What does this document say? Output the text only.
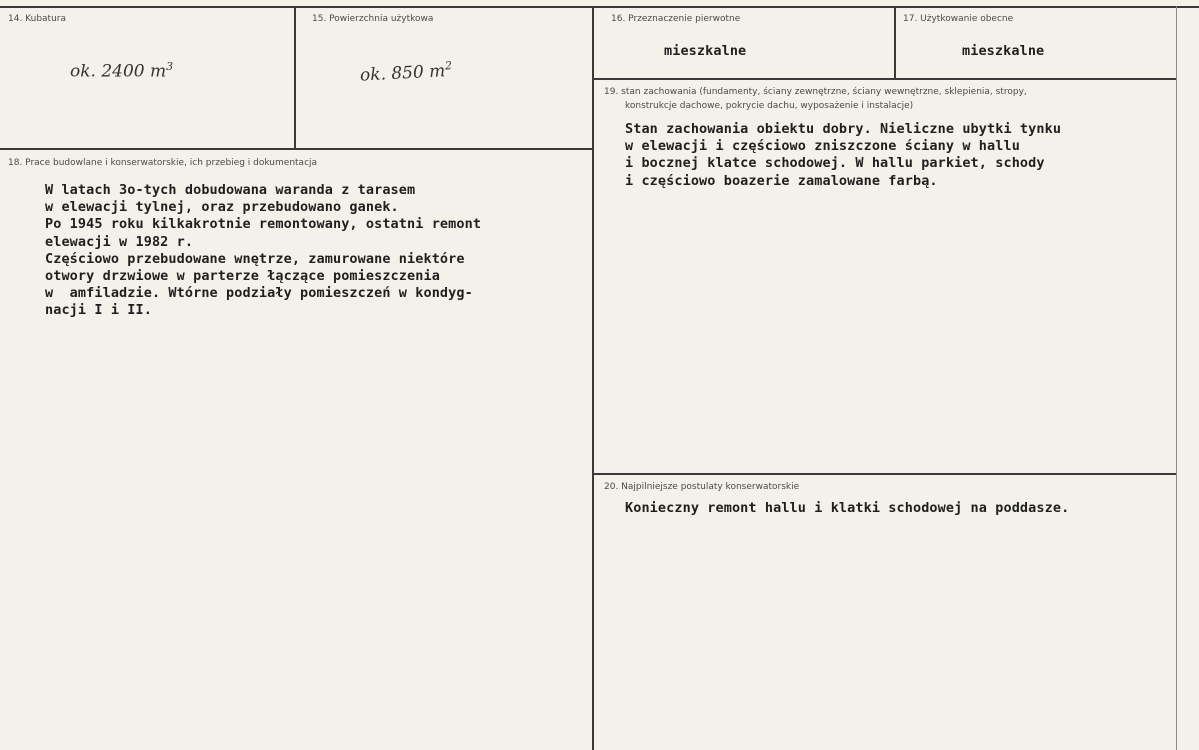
14. Kubatura
ok. 2400 $m^3$
15. Powierzchnia użytkowa
ok. 850 $m^2$
16. Przeznaczenie pierwotne
mieszkalne
17. Użytkowanie obecne
mieszkalne
18. Prace budowlane i konserwatorskie, ich przebieg i dokumentacja
W latach 3o-tych dobudowana waranda z tarasem
w elewacji tylnej, oraz przebudowano ganek.
Po 1945 roku kilkakrotnie remontowany, ostatni remont
elewacji w 1982 r.
Częściowo przebudowane wnętrze, zamurowane niektóre
otwory drzwiowe w parterze łączące pomieszczenia
w  amfiladzie. Wtórne podziały pomieszczeń w kondyg-
nacji I i II.
19. stan zachowania (fundamenty, ściany zewnętrzne, ściany wewnętrzne, sklepienia, stropy,
konstrukcje dachowe, pokrycie dachu, wyposażenie i instalacje)
Stan zachowania obiektu dobry. Nieliczne ubytki tynku
w elewacji i częściowo zniszczone ściany w hallu
i bocznej klatce schodowej. W hallu parkiet, schody
i częściowo boazerie zamalowane farbą.
20. Najpilniejsze postulaty konserwatorskie
Konieczny remont hallu i klatki schodowej na poddasze.
